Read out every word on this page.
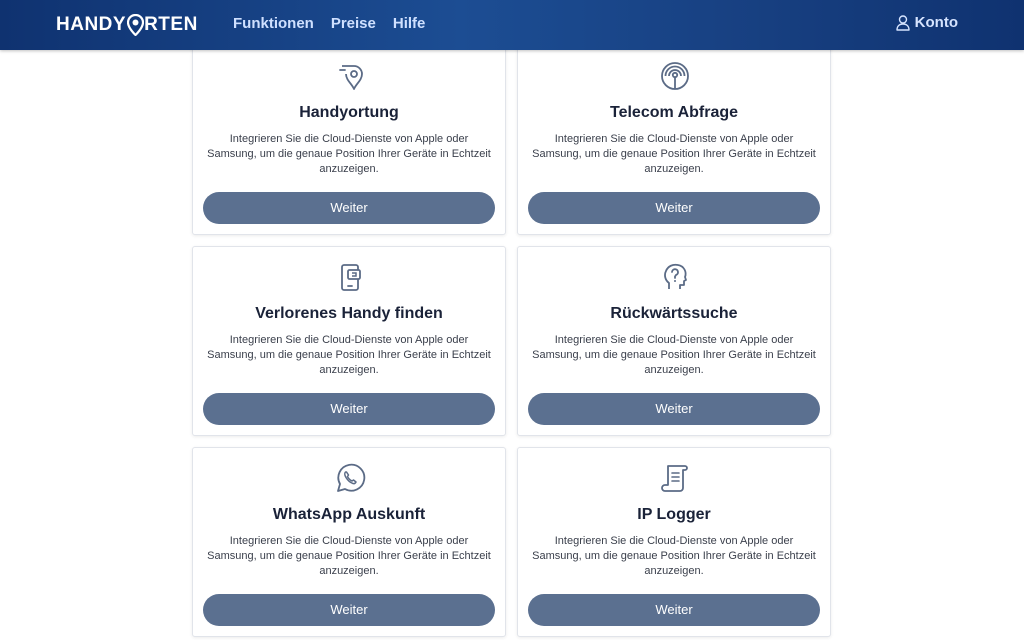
Handyortung
Integrieren Sie die Cloud-Dienste von Apple oder Samsung, um die genaue Position Ihrer Geräte in Echtzeit anzuzeigen.
Weiter
Telecom Abfrage
Integrieren Sie die Cloud-Dienste von Apple oder Samsung, um die genaue Position Ihrer Geräte in Echtzeit anzuzeigen.
Weiter
Verlorenes Handy finden
Integrieren Sie die Cloud-Dienste von Apple oder Samsung, um die genaue Position Ihrer Geräte in Echtzeit anzuzeigen.
Weiter
Rückwärtssuche
Integrieren Sie die Cloud-Dienste von Apple oder Samsung, um die genaue Position Ihrer Geräte in Echtzeit anzuzeigen.
Weiter
WhatsApp Auskunft
Integrieren Sie die Cloud-Dienste von Apple oder Samsung, um die genaue Position Ihrer Geräte in Echtzeit anzuzeigen.
Weiter
IP Logger
Integrieren Sie die Cloud-Dienste von Apple oder Samsung, um die genaue Position Ihrer Geräte in Echtzeit anzuzeigen.
Weiter
HANDY RTEN Funktionen Preise Hilfe	Konto
